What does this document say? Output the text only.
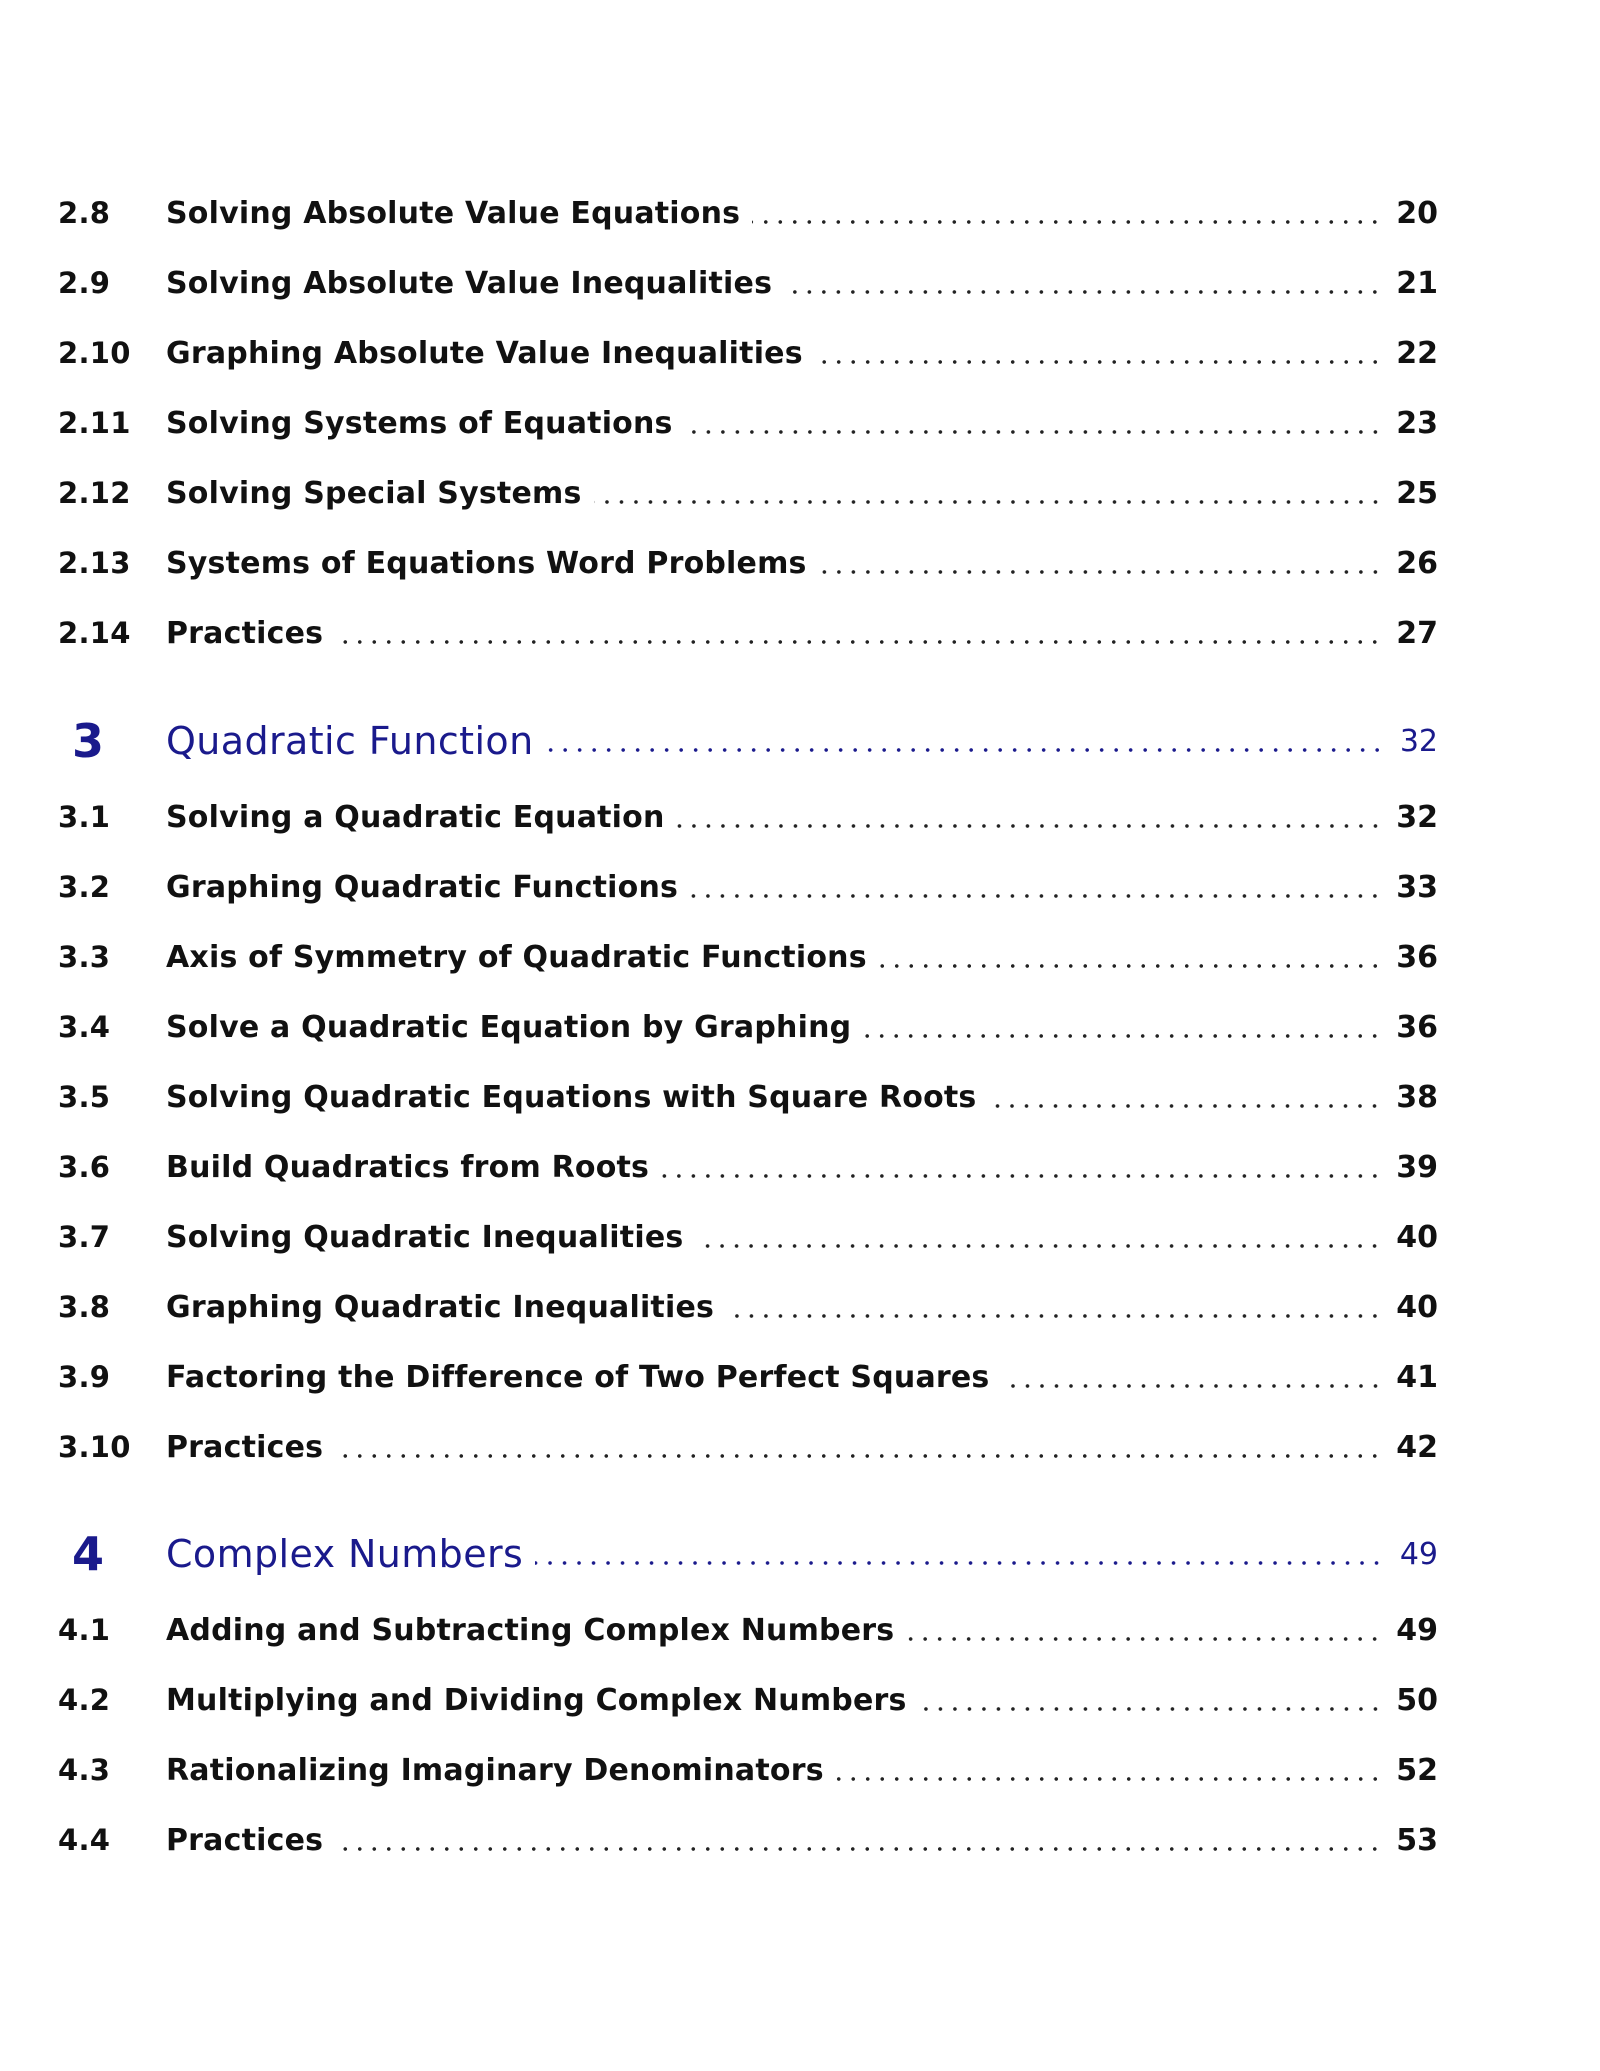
2.8	Solving Absolute Value Equations	20
2.9	Solving Absolute Value Inequalities	21
2.10	Graphing Absolute Value Inequalities	22
2.11	Solving Systems of Equations	23
2.12	Solving Special Systems	25
2.13	Systems of Equations Word Problems	26
2.14	Practices	27
3	Quadratic Function	32
3.1	Solving a Quadratic Equation	32
3.2	Graphing Quadratic Functions	33
3.3	Axis of Symmetry of Quadratic Functions	36
3.4	Solve a Quadratic Equation by Graphing	36
3.5	Solving Quadratic Equations with Square Roots	38
3.6	Build Quadratics from Roots	39
3.7	Solving Quadratic Inequalities	40
3.8	Graphing Quadratic Inequalities	40
3.9	Factoring the Difference of Two Perfect Squares	41
3.10	Practices	42
4	Complex Numbers	49
4.1	Adding and Subtracting Complex Numbers	49
4.2	Multiplying and Dividing Complex Numbers	50
4.3	Rationalizing Imaginary Denominators	52
4.4	Practices	53
